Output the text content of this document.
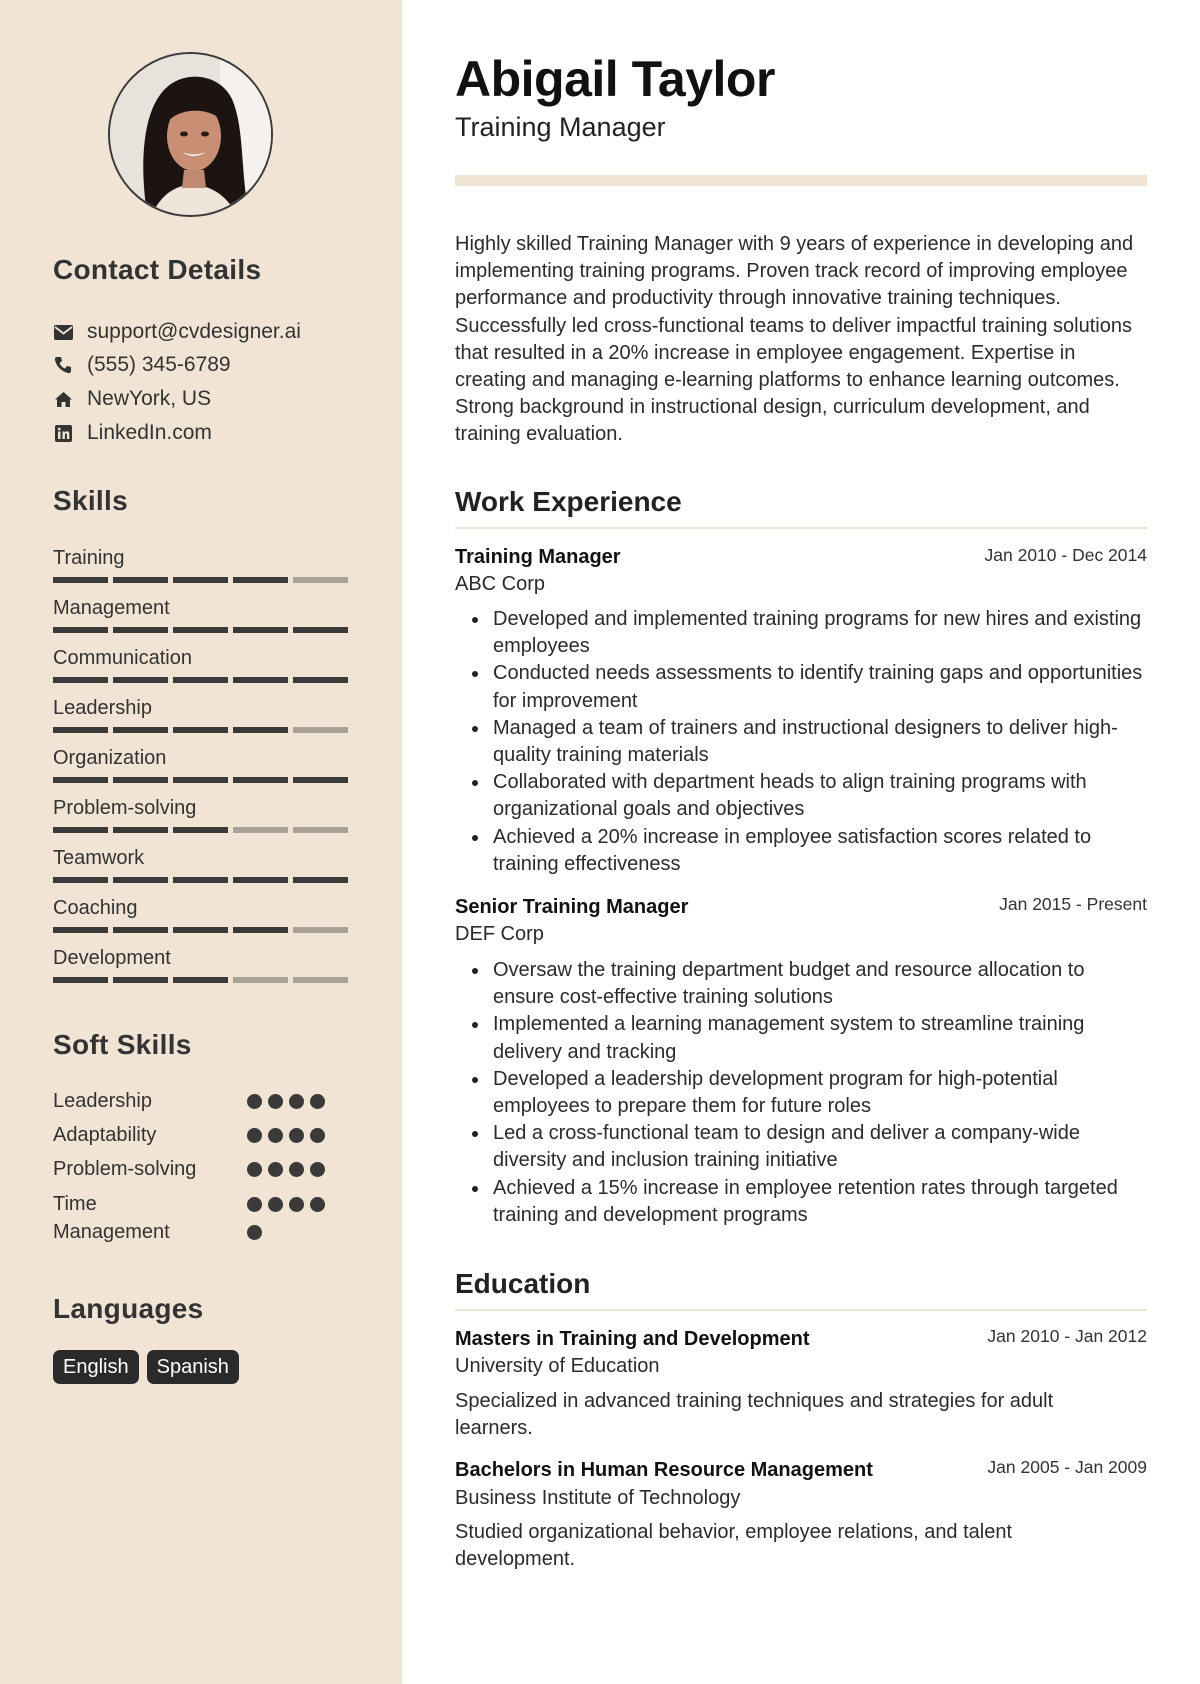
Contact Details
support@cvdesigner.ai
(555) 345-6789
NewYork, US
LinkedIn.com
Skills
Training
Management
Communication
Leadership
Organization
Problem-solving
Teamwork
Coaching
Development
Soft Skills
Leadership
Adaptability
Problem-solving
Time Management
Languages
English	Spanish
Abigail Taylor
Training Manager

Highly skilled Training Manager with 9 years of experience in developing and implementing training programs. Proven track record of improving employee performance and productivity through innovative training techniques. Successfully led cross-functional teams to deliver impactful training solutions that resulted in a 20% increase in employee engagement. Expertise in creating and managing e-learning platforms to enhance learning outcomes. Strong background in instructional design, curriculum development, and training evaluation.

Work Experience
Training Manager	Jan 2010 - Dec 2014
ABC Corp
Developed and implemented training programs for new hires and existing employees
Conducted needs assessments to identify training gaps and opportunities for improvement
Managed a team of trainers and instructional designers to deliver high-quality training materials
Collaborated with department heads to align training programs with organizational goals and objectives
Achieved a 20% increase in employee satisfaction scores related to training effectiveness
Senior Training Manager	Jan 2015 - Present
DEF Corp
Oversaw the training department budget and resource allocation to ensure cost-effective training solutions
Implemented a learning management system to streamline training delivery and tracking
Developed a leadership development program for high-potential employees to prepare them for future roles
Led a cross-functional team to design and deliver a company-wide diversity and inclusion training initiative
Achieved a 15% increase in employee retention rates through targeted training and development programs
Education
Masters in Training and Development	Jan 2010 - Jan 2012
University of Education
Specialized in advanced training techniques and strategies for adult learners.
Bachelors in Human Resource Management	Jan 2005 - Jan 2009
Business Institute of Technology
Studied organizational behavior, employee relations, and talent development.
